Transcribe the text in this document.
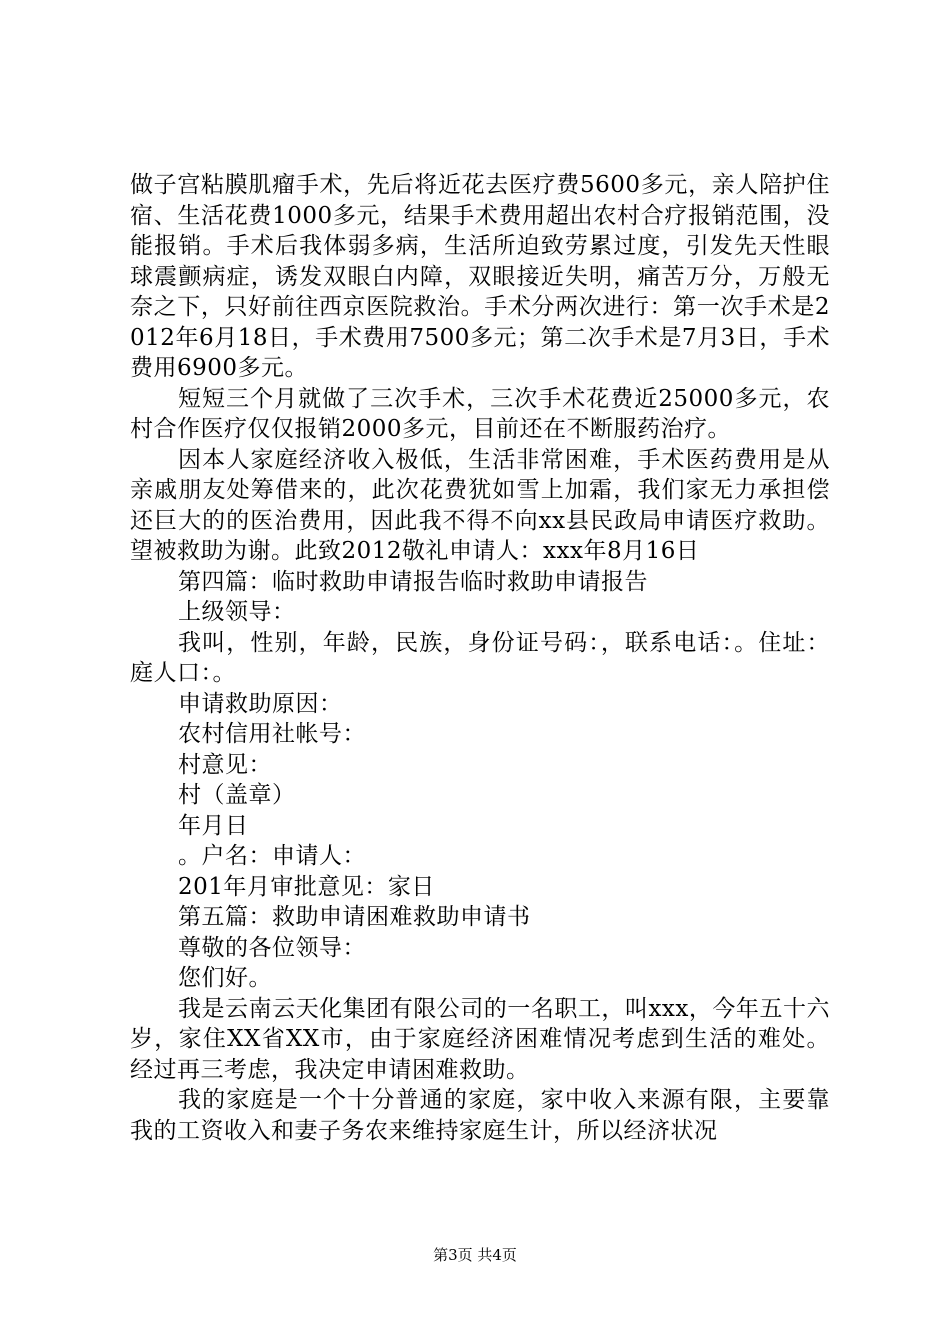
做子宫粘膜肌瘤手术，先后将近花去医疗费5600多元，亲人陪护住宿、生活花费1000多元，结果手术费用超出农村合疗报销范围，没能报销。手术后我体弱多病，生活所迫致劳累过度，引发先天性眼球震颤病症，诱发双眼白内障，双眼接近失明，痛苦万分，万般无奈之下，只好前往西京医院救治。手术分两次进行：第一次手术是2012年6月18日，手术费用7500多元；第二次手术是7月3日，手术费用6900多元。

短短三个月就做了三次手术，三次手术花费近25000多元，农村合作医疗仅仅报销2000多元，目前还在不断服药治疗。

因本人家庭经济收入极低，生活非常困难，手术医药费用是从亲戚朋友处筹借来的，此次花费犹如雪上加霜，我们家无力承担偿还巨大的的医治费用，因此我不得不向xx县民政局申请医疗救助。望被救助为谢。此致2012敬礼申请人：xxx年8月16日

第四篇：临时救助申请报告临时救助申请报告

上级领导：

我叫，性别，年龄，民族，身份证号码：，联系电话：。住址：庭人口：。

申请救助原因：

农村信用社帐号：

村意见：

村（盖章）

年月日

。户名：申请人：

201年月审批意见：家日

第五篇：救助申请困难救助申请书

尊敬的各位领导：

您们好。

我是云南云天化集团有限公司的一名职工，叫xxx，今年五十六岁，家住XX省XX市，由于家庭经济困难情况考虑到生活的难处。经过再三考虑，我决定申请困难救助。

我的家庭是一个十分普通的家庭，家中收入来源有限，主要靠我的工资收入和妻子务农来维持家庭生计，所以经济状况

第3页 共4页
